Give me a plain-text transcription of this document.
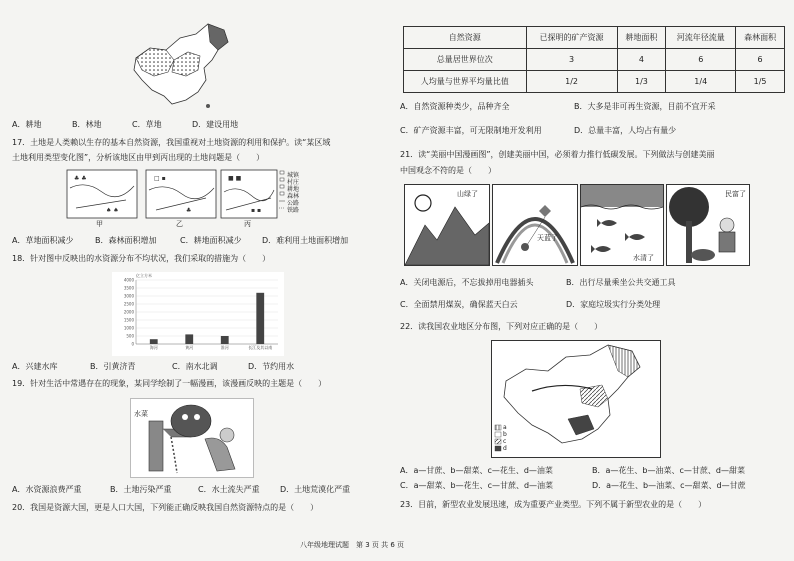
A．耕地	B．林地	C．草地	D．建设用地
17．土地是人类赖以生存的基本自然资源，我国重视对土地资源的利用和保护。读“某区域
土地利用类型变化图”，分析该地区由甲到丙出现的土地问题是（　　）
♣ ♣
♠ ♠
□ ▪
♣
■ ■
▪ ▪
甲	乙	丙
城镇
村庄
耕地
森林
公路
铁路
A．草地面积减少	B．森林面积增加	C．耕地面积减少	D．难利用土地面积增加
18．针对图中反映出的水资源分布不均状况，我们采取的措施为（　　）
亿立方米
4000
3500
3000
2500
2000
1500
1000
500
0
海河	黄河	淮河	长江及其以南
A．兴建水库	B．引黄济青	C．南水北调	D．节约用水
19．针对生活中常遇存在的现象，某同学绘制了一幅漫画，该漫画反映的主题是（　　）
水菜
A．水资源浪费严重	B．土地污染严重	C．水土流失严重	D．土地荒漠化严重
20．我国是资源大国，更是人口大国，下列能正确反映我国自然资源特点的是（　　）
八年级地理试题　第 3 页 共 6 页
自然资源	已探明的矿产资源	耕地面积	河流年径流量	森林面积
总量居世界位次	3	4	6	6
人均量与世界平均量比值	1/2	1/3	1/4	1/5
A．自然资源种类少，品种齐全	B．大多是非可再生资源，目前不宜开采
C．矿产资源丰富，可无限制地开发利用	D．总量丰富，人均占有量少
21．读“美丽中国漫画图”，创建美丽中国，必须着力推行低碳发展。下列做法与创建美丽
中国观念不符的是（　　）
山绿了
天蓝了
水清了
民富了
A．关闭电源后，不忘拔掉用电器插头	B．出行尽量乘坐公共交通工具
C．全面禁用煤炭，确保蓝天白云	D．家庭垃圾实行分类处理
22．读我国农业地区分布图，下列对应正确的是（　　）
a
b
c
d
A．a—甘蔗、b—甜菜、c—花生、d—油菜	B．a—花生、b—油菜、c—甘蔗、d—甜菜
C．a—甜菜、b—花生、c—甘蔗、d—油菜	D．a—花生、b—油菜、c—甜菜、d—甘蔗
23．目前，新型农业发展迅速，成为重要产业类型。下列不属于新型农业的是（　　）
